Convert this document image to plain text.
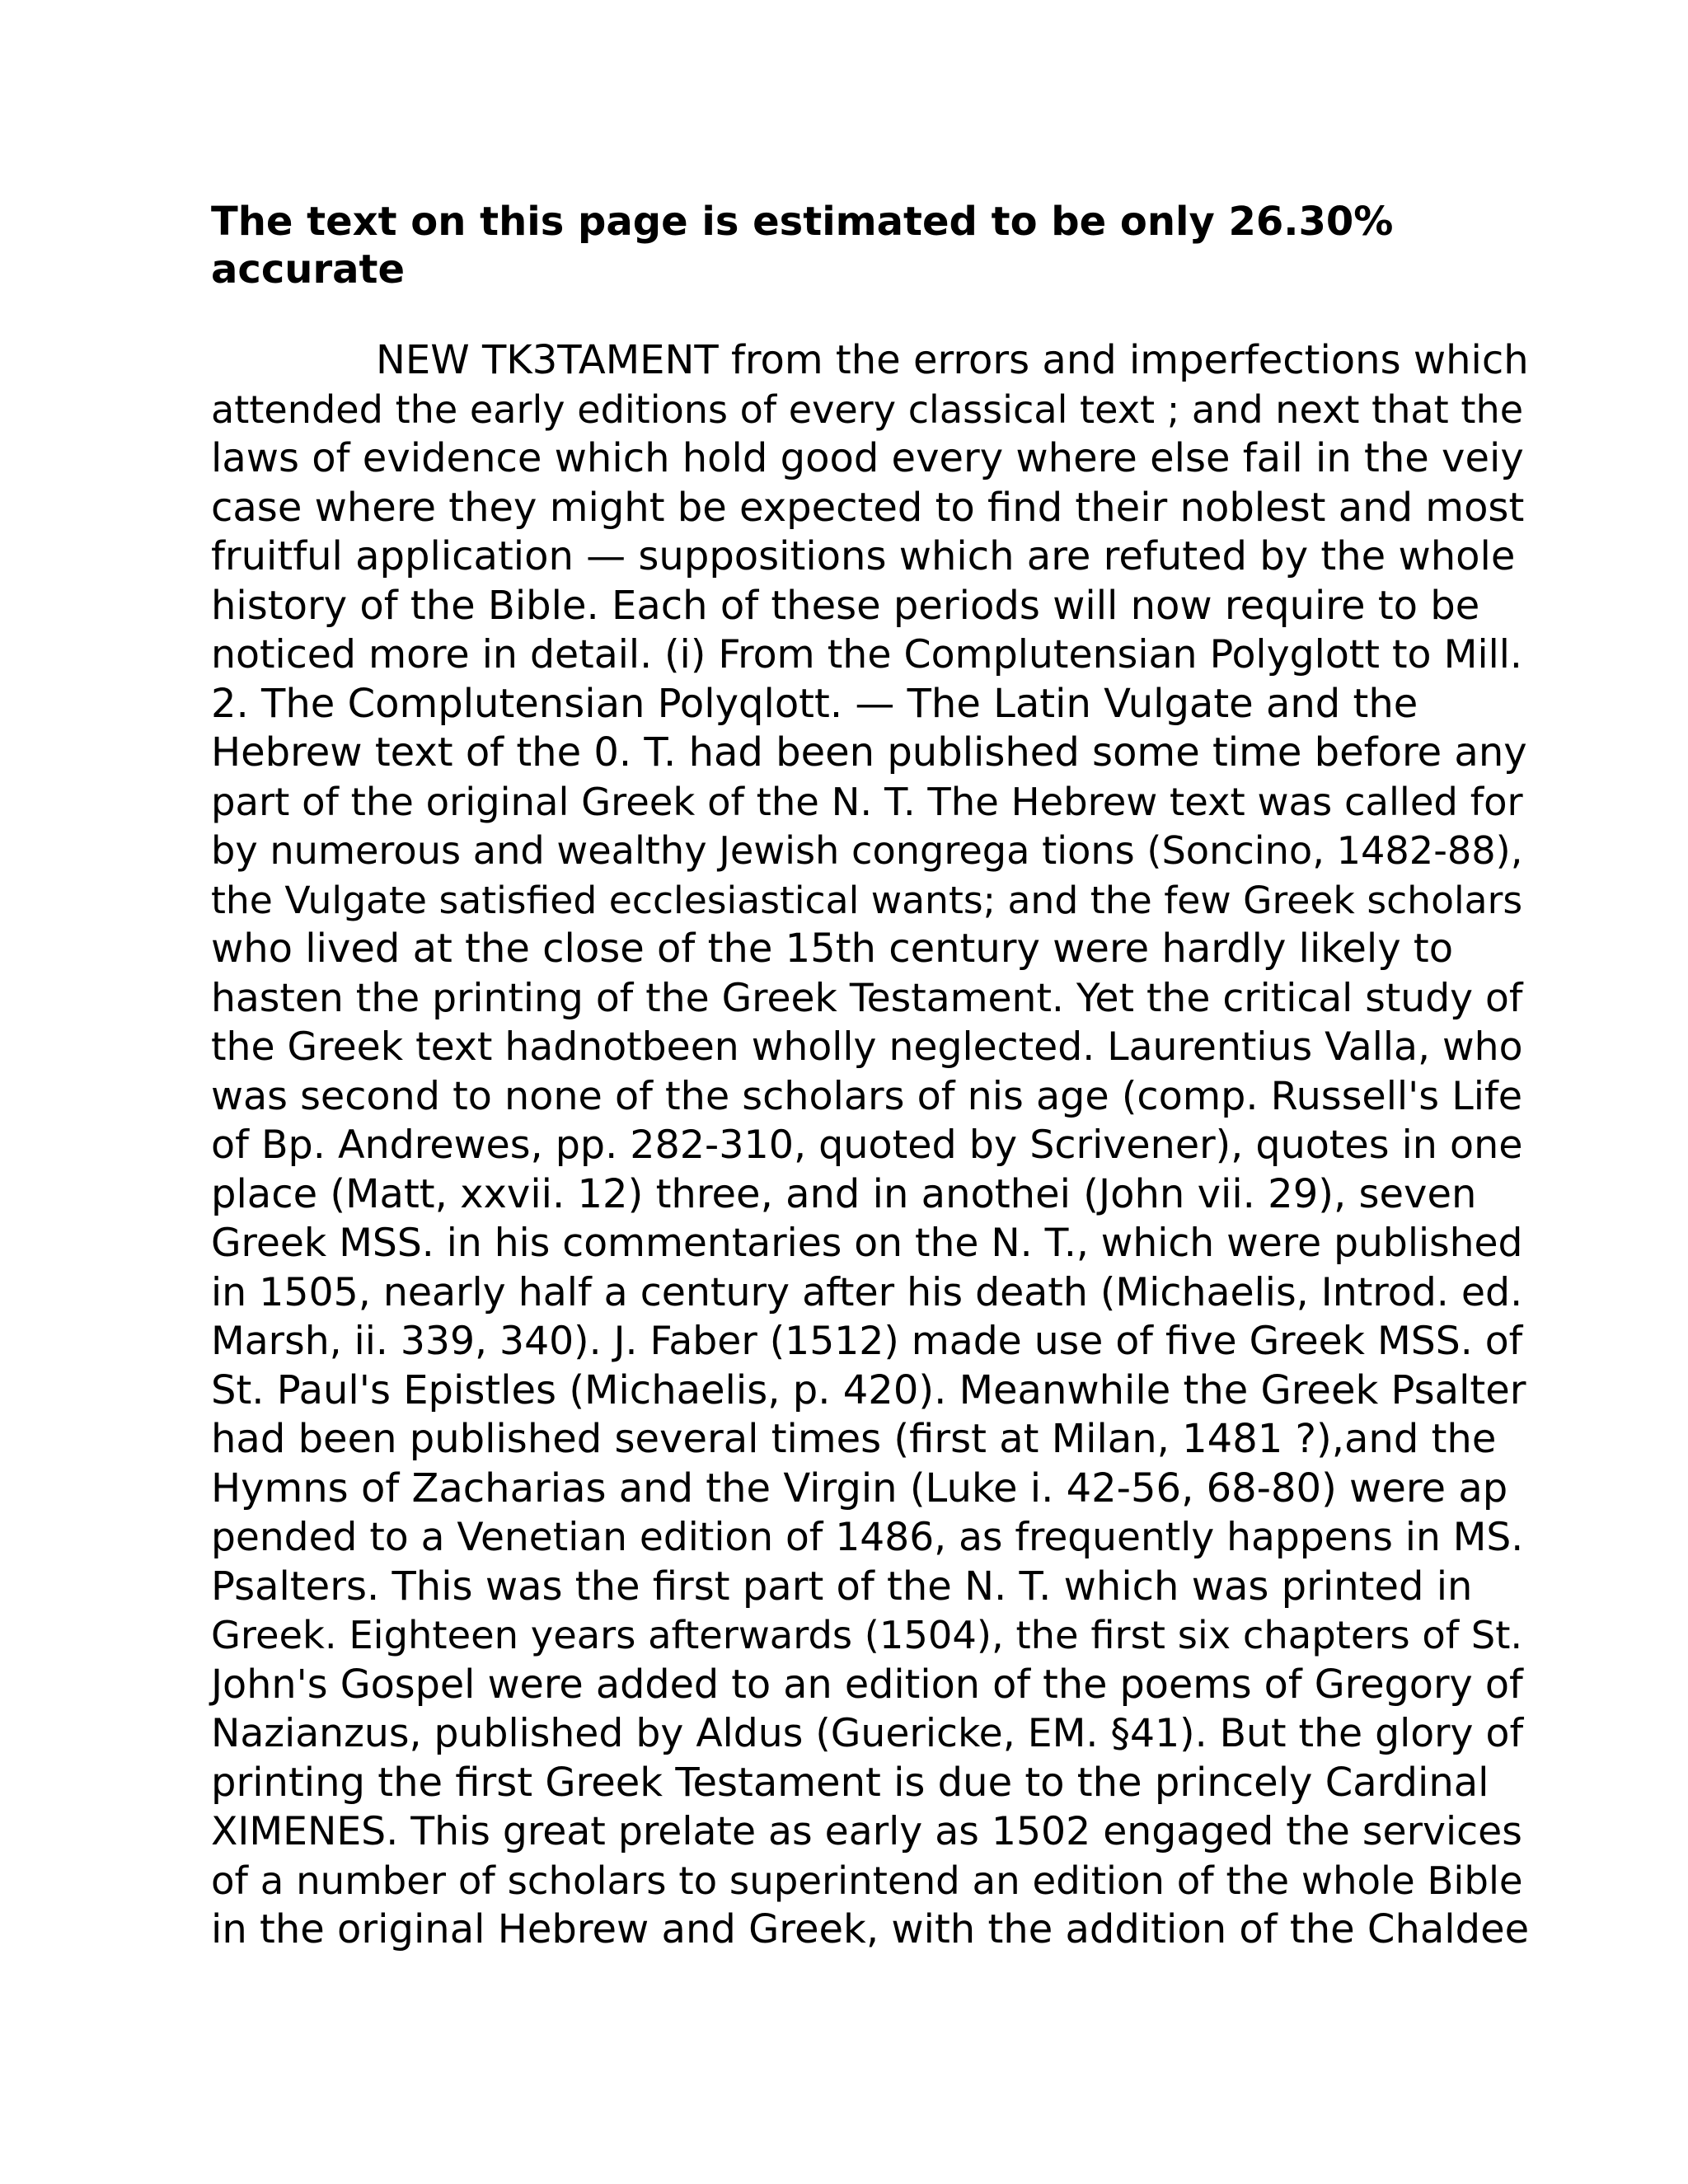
The text on this page is estimated to be only 26.30%
accurate
NEW TK3TAMENT from the errors and imperfections which
attended the early editions of every classical text ; and next that the
laws of evidence which hold good every where else fail in the veiy
case where they might be expected to find their noblest and most
fruitful application — suppositions which are refuted by the whole
history of the Bible. Each of these periods will now require to be
noticed more in detail. (i) From the Complutensian Polyglott to Mill.
2. The Complutensian Polyqlott. — The Latin Vulgate and the
Hebrew text of the 0. T. had been published some time before any
part of the original Greek of the N. T. The Hebrew text was called for
by numerous and wealthy Jewish congrega tions (Soncino, 1482-88),
the Vulgate satisfied ecclesiastical wants; and the few Greek scholars
who lived at the close of the 15th century were hardly likely to
hasten the printing of the Greek Testament. Yet the critical study of
the Greek text hadnotbeen wholly neglected. Laurentius Valla, who
was second to none of the scholars of nis age (comp. Russell's Life
of Bp. Andrewes, pp. 282-310, quoted by Scrivener), quotes in one
place (Matt, xxvii. 12) three, and in anothei (John vii. 29), seven
Greek MSS. in his commentaries on the N. T., which were published
in 1505, nearly half a century after his death (Michaelis, Introd. ed.
Marsh, ii. 339, 340). J. Faber (1512) made use of five Greek MSS. of
St. Paul's Epistles (Michaelis, p. 420). Meanwhile the Greek Psalter
had been published several times (first at Milan, 1481 ?),and the
Hymns of Zacharias and the Virgin (Luke i. 42-56, 68-80) were ap
pended to a Venetian edition of 1486, as frequently happens in MS.
Psalters. This was the first part of the N. T. which was printed in
Greek. Eighteen years afterwards (1504), the first six chapters of St.
John's Gospel were added to an edition of the poems of Gregory of
Nazianzus, published by Aldus (Guericke, EM. §41). But the glory of
printing the first Greek Testament is due to the princely Cardinal
XIMENES. This great prelate as early as 1502 engaged the services
of a number of scholars to superintend an edition of the whole Bible
in the original Hebrew and Greek, with the addition of the Chaldee
